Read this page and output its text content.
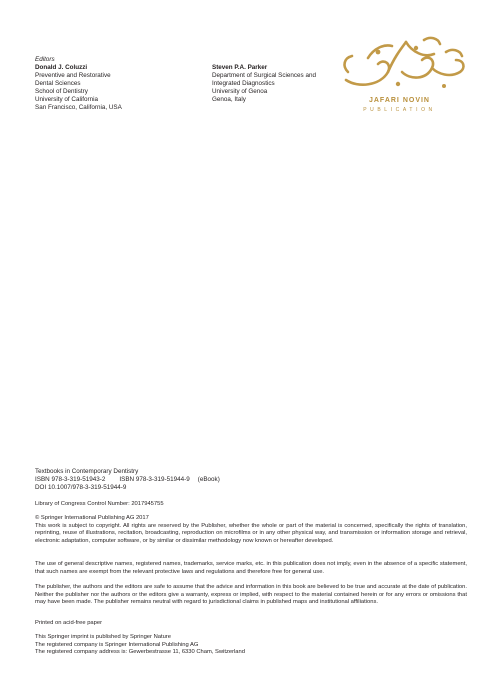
Editors
Donald J. Coluzzi
Preventive and Restorative
Dental Sciences
School of Dentistry
University of California
San Francisco, California, USA
Steven P.A. Parker
Department of Surgical Sciences and
Integrated Diagnostics
University of Genoa
Genoa, Italy	JAFARI NOVIN
PUBLICATION
Textbooks in Contemporary Dentistry
ISBN 978-3-319-51943-2 ISBN 978-3-319-51944-9 (eBook)
DOI 10.1007/978-3-319-51944-9
Library of Congress Control Number: 2017945755
© Springer International Publishing AG 2017
This work is subject to copyright. All rights are reserved by the Publisher, whether the whole or part of the material is concerned, specifically the rights of translation, reprinting, reuse of illustrations, recitation, broadcasting, reproduction on microfilms or in any other physical way, and transmission or information storage and retrieval, electronic adaptation, computer software, or by similar or dissimilar methodology now known or hereafter developed.
The use of general descriptive names, registered names, trademarks, service marks, etc. in this publication does not imply, even in the absence of a specific statement, that such names are exempt from the relevant protective laws and regulations and therefore free for general use.
The publisher, the authors and the editors are safe to assume that the advice and information in this book are believed to be true and accurate at the date of publication. Neither the publisher nor the authors or the editors give a warranty, express or implied, with respect to the material contained herein or for any errors or omissions that may have been made. The publisher remains neutral with regard to jurisdictional claims in published maps and institutional affiliations.
Printed on acid-free paper
This Springer imprint is published by Springer Nature
The registered company is Springer International Publishing AG
The registered company address is: Gewerbestrasse 11, 6330 Cham, Switzerland
